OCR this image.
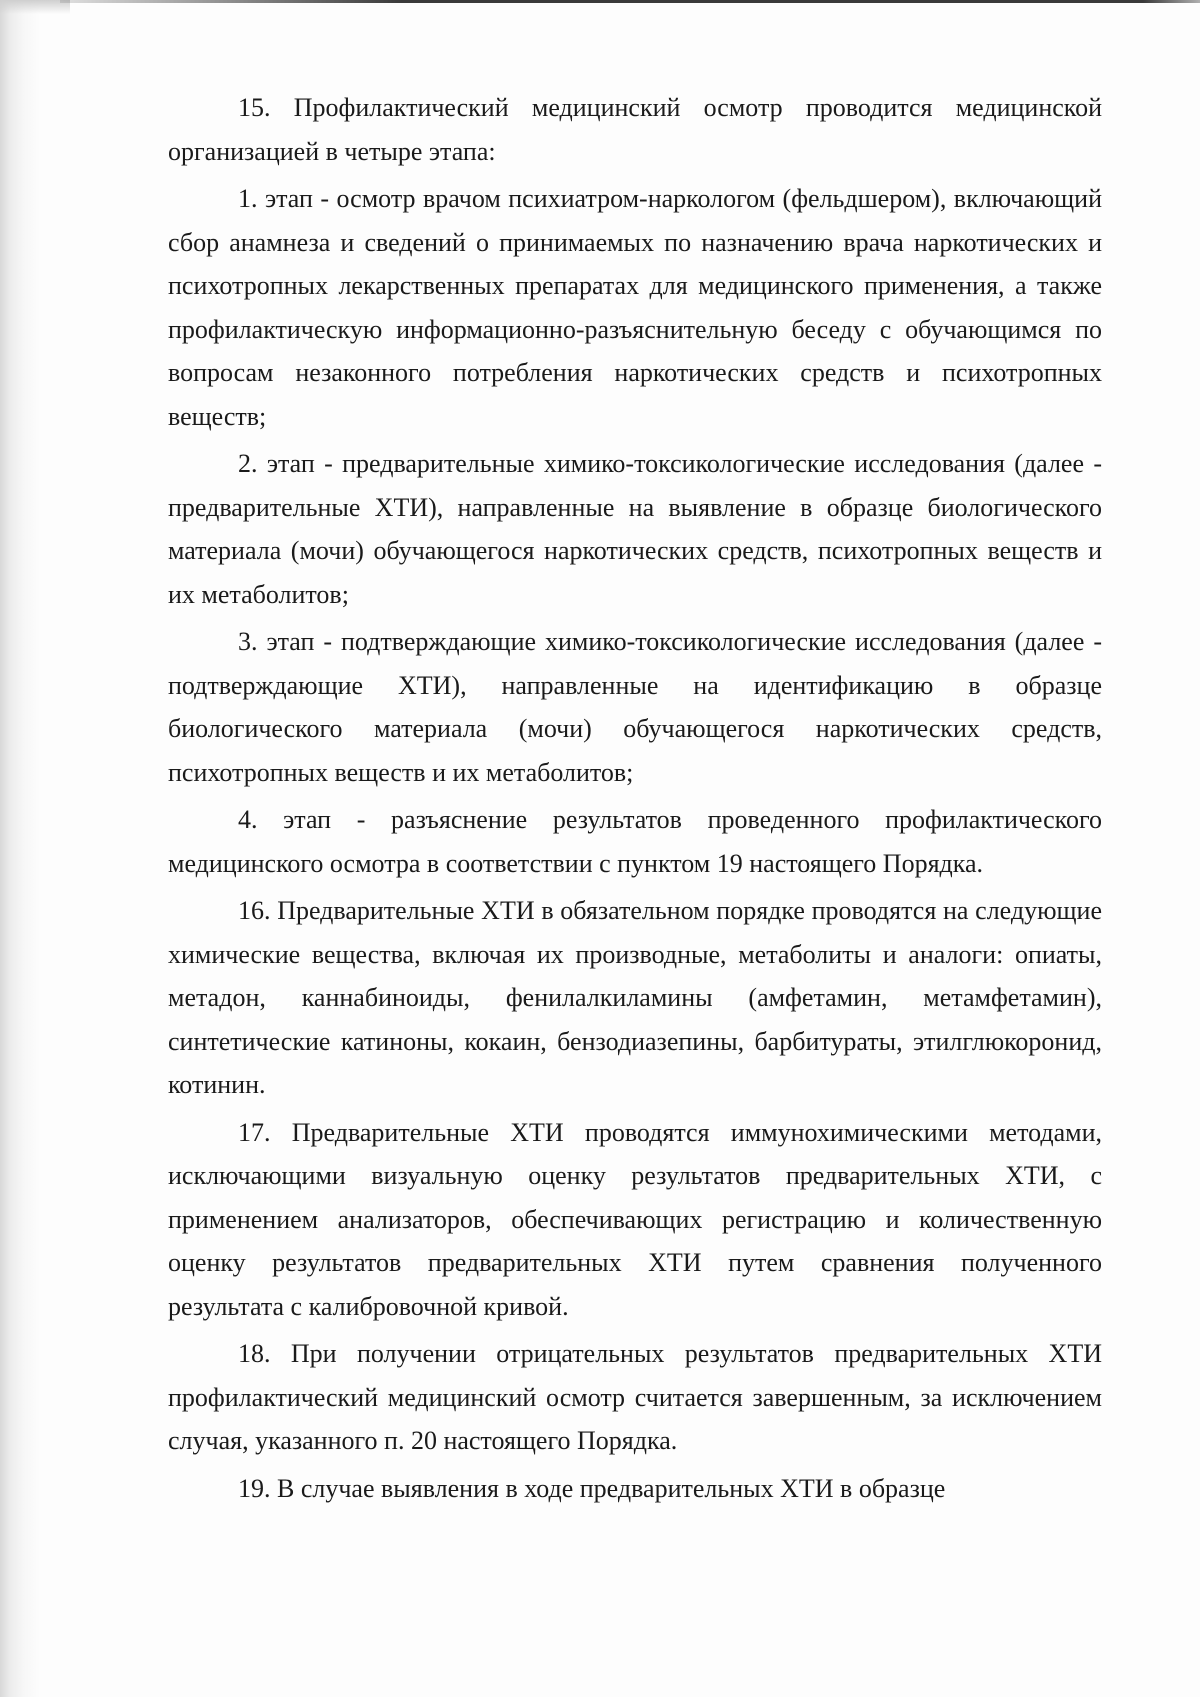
15. Профилактический медицинский осмотр проводится медицинской организацией в четыре этапа:

1. этап - осмотр врачом психиатром-наркологом (фельдшером), включающий сбор анамнеза и сведений о принимаемых по назначению врача наркотических и психотропных лекарственных препаратах для медицинского применения, а также профилактическую информационно-разъяснительную беседу с обучающимся по вопросам незаконного потребления наркотических средств и психотропных веществ;

2. этап - предварительные химико-токсикологические исследования (далее - предварительные ХТИ), направленные на выявление в образце биологического материала (мочи) обучающегося наркотических средств, психотропных веществ и их метаболитов;

3. этап - подтверждающие химико-токсикологические исследования (далее - подтверждающие ХТИ), направленные на идентификацию в образце биологического материала (мочи) обучающегося наркотических средств, психотропных веществ и их метаболитов;

4. этап - разъяснение результатов проведенного профилактического медицинского осмотра в соответствии с пунктом 19 настоящего Порядка.

16. Предварительные ХТИ в обязательном порядке проводятся на следующие химические вещества, включая их производные, метаболиты и аналоги: опиаты, метадон, каннабиноиды, фенилалкиламины (амфетамин, метамфетамин), синтетические катиноны, кокаин, бензодиазепины, барбитураты, этилглюкоронид, котинин.

17. Предварительные ХТИ проводятся иммунохимическими методами, исключающими визуальную оценку результатов предварительных ХТИ, с применением анализаторов, обеспечивающих регистрацию и количественную оценку результатов предварительных ХТИ путем сравнения полученного результата с калибровочной кривой.

18. При получении отрицательных результатов предварительных ХТИ профилактический медицинский осмотр считается завершенным, за исключением случая, указанного п. 20 настоящего Порядка.

19. В случае выявления в ходе предварительных ХТИ в образце
